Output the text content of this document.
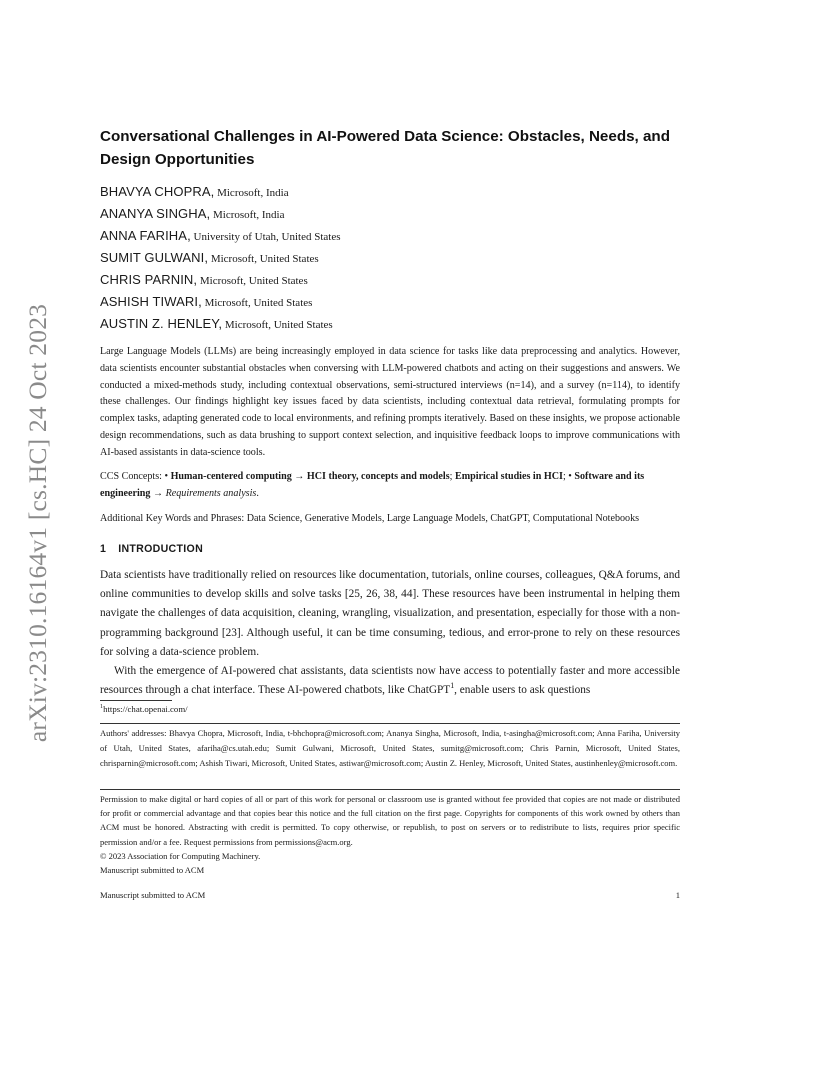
arXiv:2310.16164v1 [cs.HC] 24 Oct 2023
Conversational Challenges in AI-Powered Data Science: Obstacles, Needs, and Design Opportunities
BHAVYA CHOPRA, Microsoft, India
ANANYA SINGHA, Microsoft, India
ANNA FARIHA, University of Utah, United States
SUMIT GULWANI, Microsoft, United States
CHRIS PARNIN, Microsoft, United States
ASHISH TIWARI, Microsoft, United States
AUSTIN Z. HENLEY, Microsoft, United States

Large Language Models (LLMs) are being increasingly employed in data science for tasks like data preprocessing and analytics. However, data scientists encounter substantial obstacles when conversing with LLM-powered chatbots and acting on their suggestions and answers. We conducted a mixed-methods study, including contextual observations, semi-structured interviews (n=14), and a survey (n=114), to identify these challenges. Our findings highlight key issues faced by data scientists, including contextual data retrieval, formulating prompts for complex tasks, adapting generated code to local environments, and refining prompts iteratively. Based on these insights, we propose actionable design recommendations, such as data brushing to support context selection, and inquisitive feedback loops to improve communications with AI-based assistants in data-science tools.

CCS Concepts: • Human-centered computing → HCI theory, concepts and models; Empirical studies in HCI; • Software and its engineering → Requirements analysis.

Additional Key Words and Phrases: Data Science, Generative Models, Large Language Models, ChatGPT, Computational Notebooks

1 INTRODUCTION

Data scientists have traditionally relied on resources like documentation, tutorials, online courses, colleagues, Q&A forums, and online communities to develop skills and solve tasks [25, 26, 38, 44]. These resources have been instrumental in helping them navigate the challenges of data acquisition, cleaning, wrangling, visualization, and presentation, especially for those with a non-programming background [23]. Although useful, it can be time consuming, tedious, and error-prone to rely on these resources for solving a data-science problem.

With the emergence of AI-powered chat assistants, data scientists now have access to potentially faster and more accessible resources through a chat interface. These AI-powered chatbots, like ChatGPT$^1$, enable users to ask questions

$^1$https://chat.openai.com/

Authors' addresses: Bhavya Chopra, Microsoft, India, t-bhchopra@microsoft.com; Ananya Singha, Microsoft, India, t-asingha@microsoft.com; Anna Fariha, University of Utah, United States, afariha@cs.utah.edu; Sumit Gulwani, Microsoft, United States, sumitg@microsoft.com; Chris Parnin, Microsoft, United States, chrisparnin@microsoft.com; Ashish Tiwari, Microsoft, United States, astiwar@microsoft.com; Austin Z. Henley, Microsoft, United States, austinhenley@microsoft.com.

Permission to make digital or hard copies of all or part of this work for personal or classroom use is granted without fee provided that copies are not made or distributed for profit or commercial advantage and that copies bear this notice and the full citation on the first page. Copyrights for components of this work owned by others than ACM must be honored. Abstracting with credit is permitted. To copy otherwise, or republish, to post on servers or to redistribute to lists, requires prior specific permission and/or a fee. Request permissions from permissions@acm.org.
© 2023 Association for Computing Machinery.
Manuscript submitted to ACM

Manuscript submitted to ACM	1
